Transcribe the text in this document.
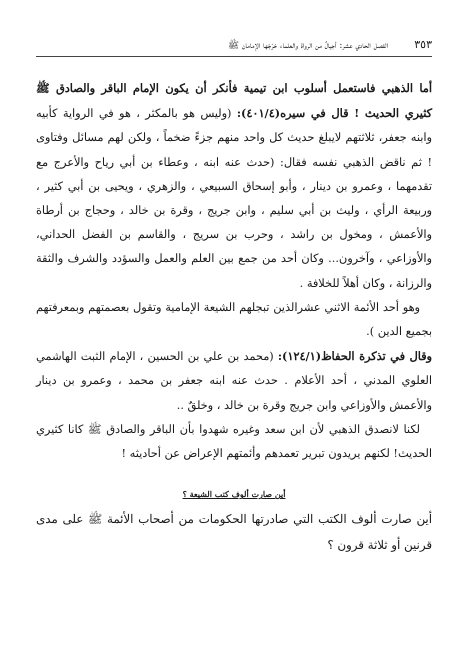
٣٥٣
الفصل الحادي عشر: أجيالٌ من الرواة والعلماء خرّجَها الإمامان ﷺ

أما الذهبي فاستعمل أسلوب ابن تيمية فأنكر أن يكون الإمام الباقر والصادق ﷺ كثيري الحديث ! قال في سيره(٤٠١/٤): (وليس هو بالمكثر ، هو في الرواية كأبيه وابنه جعفر، ثلاثتهم لايبلغ حديث كل واحد منهم جزءً ضخماً ، ولكن لهم مسائل وفتاوى ! ثم ناقض الذهبي نفسه فقال: (حدث عنه ابنه ، وعطاء بن أبي رياح والأعرج مع تقدمهما ، وعمرو بن دينار ، وأبو إسحاق السبيعي ، والزهري ، ويحيى بن أبي كثير ، وربيعة الرأي ، وليث بن أبي سليم ، وابن جريج ، وقرة بن خالد ، وحجاج بن أرطاة والأعمش ، ومخول بن راشد ، وحرب بن سريج ، والقاسم بن الفضل الحداني، والأوزاعي ، وآخرون... وكان أحد من جمع بين العلم والعمل والسؤدد والشرف والثقة والرزانة ، وكان أهلاً للخلافة .

وهو أحد الأئمة الاثني عشرالذين تبجلهم الشيعة الإمامية وتقول بعصمتهم وبمعرفتهم بجميع الدين ).

وقال في تذكرة الحفاظ(١٢٤/١): (محمد بن علي بن الحسين ، الإمام الثبت الهاشمي العلوي المدني ، أحد الأعلام . حدث عنه ابنه جعفر بن محمد ، وعمرو بن دينار والأعمش والأوزاعي وابن جريج وقرة بن خالد ، وخلقٌ ..

لكنا لانصدق الذهبي لأن ابن سعد وغيره شهدوا بأن الباقر والصادق ﷺ كانا كثيري الحديث! لكنهم يريدون تبرير تعمدهم وأئمتهم الإعراض عن أحاديثه !

أين صارت ألوف كتب الشيعة ؟

أين صارت ألوف الكتب التي صادرتها الحكومات من أصحاب الأئمة ﷺ على مدى قرنين أو ثلاثة قرون ؟
